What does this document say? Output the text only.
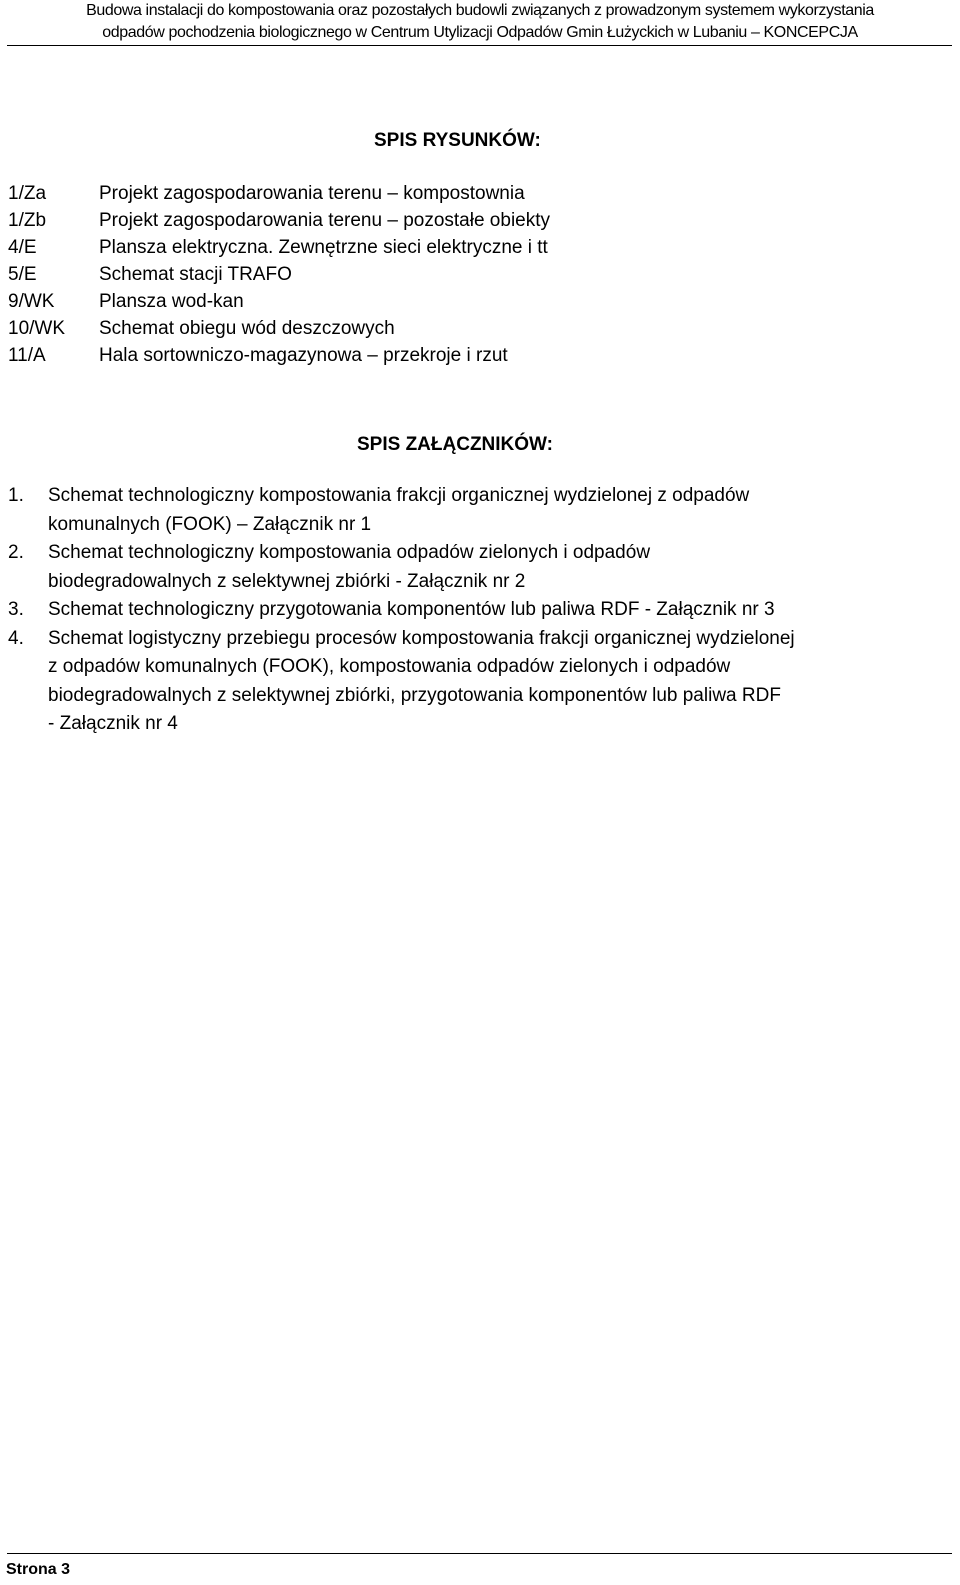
Budowa instalacji do kompostowania oraz pozostałych budowli związanych z prowadzonym systemem wykorzystania
odpadów pochodzenia biologicznego w Centrum Utylizacji Odpadów Gmin Łużyckich w Lubaniu – KONCEPCJA
SPIS RYSUNKÓW:
1/Za	Projekt zagospodarowania terenu – kompostownia
1/Zb	Projekt zagospodarowania terenu – pozostałe obiekty
4/E	Plansza elektryczna. Zewnętrzne sieci elektryczne i tt
5/E	Schemat stacji TRAFO
9/WK Plansza wod-kan
10/WK Schemat obiegu wód deszczowych
11/A	Hala sortowniczo-magazynowa – przekroje i rzut
SPIS ZAŁĄCZNIKÓW:
1. Schemat technologiczny kompostowania frakcji organicznej wydzielonej z odpadów
komunalnych (FOOK) – Załącznik nr 1
2. Schemat technologiczny kompostowania odpadów zielonych i odpadów
biodegradowalnych z selektywnej zbiórki - Załącznik nr 2
3. Schemat technologiczny przygotowania komponentów lub paliwa RDF - Załącznik nr 3
4. Schemat logistyczny przebiegu procesów kompostowania frakcji organicznej wydzielonej
z odpadów komunalnych (FOOK), kompostowania odpadów zielonych i odpadów
biodegradowalnych z selektywnej zbiórki, przygotowania komponentów lub paliwa RDF
- Załącznik nr 4
Strona 3
